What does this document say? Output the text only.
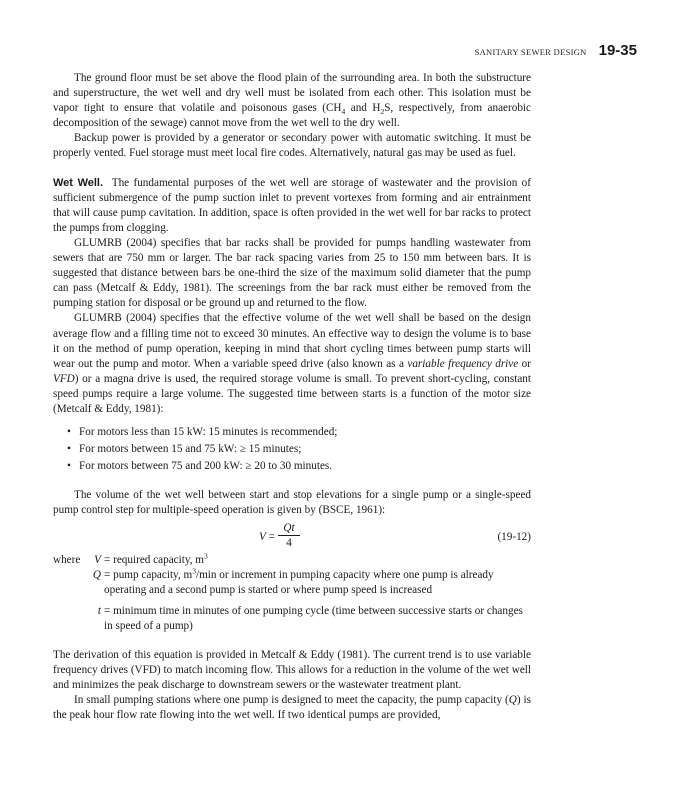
SANITARY SEWER DESIGN 19-35

The ground floor must be set above the flood plain of the surrounding area. In both the substructure and superstructure, the wet well and dry well must be isolated from each other. This isolation must be vapor tight to ensure that volatile and poisonous gases ($CH_4$ and $H_2S$, respectively, from anaerobic decomposition of the sewage) cannot move from the wet well to the dry well.

Backup power is provided by a generator or secondary power with automatic switching. It must be properly vented. Fuel storage must meet local fire codes. Alternatively, natural gas may be used as fuel.

Wet Well. The fundamental purposes of the wet well are storage of wastewater and the provision of sufficient submergence of the pump suction inlet to prevent vortexes from forming and air entrainment that will cause pump cavitation. In addition, space is often provided in the wet well for bar racks to protect the pumps from clogging.

GLUMRB (2004) specifies that bar racks shall be provided for pumps handling wastewater from sewers that are 750 mm or larger. The bar rack spacing varies from 25 to 150 mm between bars. It is suggested that distance between bars be one-third the size of the maximum solid diameter that the pump can pass (Metcalf & Eddy, 1981). The screenings from the bar rack must either be removed from the pumping station for disposal or be ground up and returned to the flow.

GLUMRB (2004) specifies that the effective volume of the wet well shall be based on the design average flow and a filling time not to exceed 30 minutes. An effective way to design the volume is to base it on the method of pump operation, keeping in mind that short cycling times between pump starts will wear out the pump and motor. When a variable speed drive (also known as a variable frequency drive or VFD) or a magna drive is used, the required storage volume is small. To prevent short-cycling, constant speed pumps require a large volume. The suggested time between starts is a function of the motor size (Metcalf & Eddy, 1981):

• For motors less than 15 kW: 15 minutes is recommended;
• For motors between 15 and 75 kW: ≥ 15 minutes;
• For motors between 75 and 200 kW: ≥ 20 to 30 minutes.

The volume of the wet well between start and stop elevations for a single pump or a single-speed pump control step for multiple-speed operation is given by (BSCE, 1961):

$V = \frac{Qt}{4}$	(19-12)
where	V = required capacity, $m^3$
Q = pump capacity, $m^3/\min$ or increment in pumping capacity where one pump is already operating and a second pump is started or where pump speed is increased
t = minimum time in minutes of one pumping cycle (time between successive starts or changes in speed of a pump)

The derivation of this equation is provided in Metcalf & Eddy (1981). The current trend is to use variable frequency drives (VFD) to match incoming flow. This allows for a reduction in the volume of the wet well and minimizes the peak discharge to downstream sewers or the wastewater treatment plant.

In small pumping stations where one pump is designed to meet the capacity, the pump capacity (Q) is the peak hour flow rate flowing into the wet well. If two identical pumps are provided,
